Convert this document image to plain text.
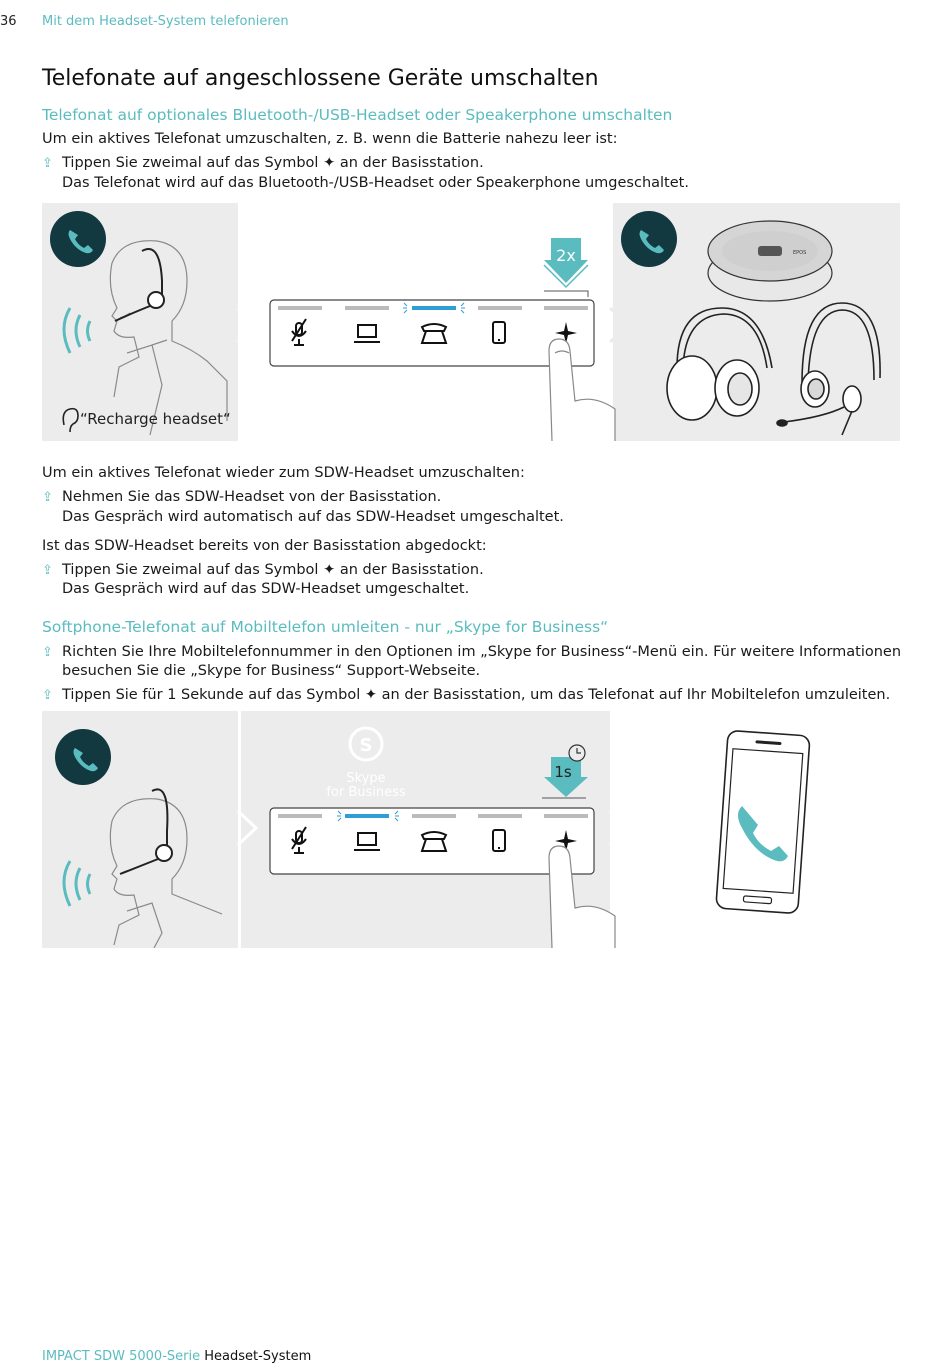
36 Mit dem Headset-System telefonieren
Telefonate auf angeschlossene Geräte umschalten
Telefonat auf optionales Bluetooth-/USB-Headset oder Speakerphone umschalten
Um ein aktives Telefonat umzuschalten, z. B. wenn die Batterie nahezu leer ist:
⇪ Tippen Sie zweimal auf das Symbol ✦ an der Basisstation.
Das Telefonat wird auf das Bluetooth-/USB-Headset oder Speakerphone umgeschaltet.
“Recharge headset“
2x	EPOS
Um ein aktives Telefonat wieder zum SDW-Headset umzuschalten:
⇪ Nehmen Sie das SDW-Headset von der Basisstation.
Das Gespräch wird automatisch auf das SDW-Headset umgeschaltet.
Ist das SDW-Headset bereits von der Basisstation abgedockt:
⇪ Tippen Sie zweimal auf das Symbol ✦ an der Basisstation.
Das Gespräch wird auf das SDW-Headset umgeschaltet.
Softphone-Telefonat auf Mobiltelefon umleiten - nur „Skype for Business“
⇪ Richten Sie Ihre Mobiltelefonnummer in den Optionen im „Skype for Business“-Menü ein. Für weitere Informationen
besuchen Sie die „Skype for Business“ Support-Webseite.
⇪ Tippen Sie für 1 Sekunde auf das Symbol ✦ an der Basisstation, um das Telefonat auf Ihr Mobiltelefon umzuleiten.
S
Skype
for Business
1s
IMPACT SDW 5000-Serie Headset-System
